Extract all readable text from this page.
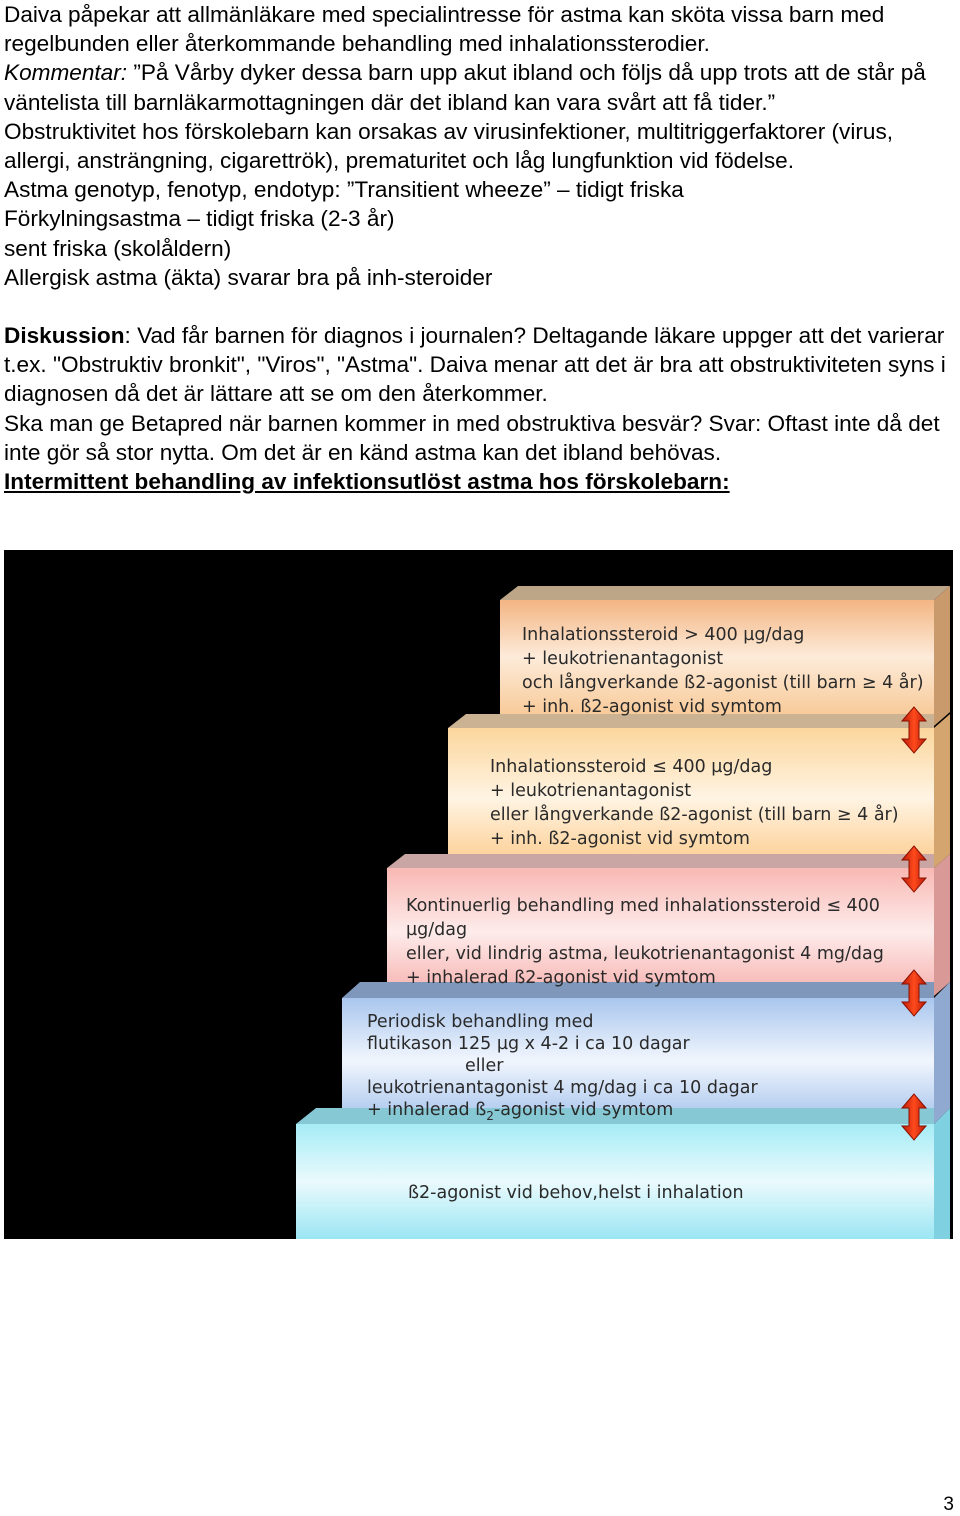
Daiva påpekar att allmänläkare med specialintresse för astma kan sköta vissa barn med regelbunden eller återkommande behandling med inhalationssterodier.

Kommentar: ”På Vårby dyker dessa barn upp akut ibland och följs då upp trots att de står på väntelista till barnläkarmottagningen där det ibland kan vara svårt att få tider.”

Obstruktivitet hos förskolebarn kan orsakas av virusinfektioner, multitriggerfaktorer (virus, allergi, ansträngning, cigarettrök), prematuritet och låg lungfunktion vid födelse.

Astma genotyp, fenotyp, endotyp: ”Transitient wheeze” – tidigt friska

Förkylningsastma – tidigt friska (2-3 år)

sent friska (skolåldern)

Allergisk astma (äkta) svarar bra på inh-steroider

Diskussion: Vad får barnen för diagnos i journalen? Deltagande läkare uppger att det varierar t.ex. "Obstruktiv bronkit", "Viros", "Astma". Daiva menar att det är bra att obstruktiviteten syns i diagnosen då det är lättare att se om den återkommer.

Ska man ge Betapred när barnen kommer in med obstruktiva besvär? Svar: Oftast inte då det inte gör så stor nytta. Om det är en känd astma kan det ibland behövas.

Intermittent behandling av infektionsutlöst astma hos förskolebarn:

Inhalationssteroid > 400 µg/dag
+ leukotrienantagonist
och långverkande ß2-agonist (till barn ≥ 4 år)
+ inh. ß2-agonist vid symtom
Inhalationssteroid ≤ 400 µg/dag
+ leukotrienantagonist
eller långverkande ß2-agonist (till barn ≥ 4 år)
+ inh. ß2-agonist vid symtom
Kontinuerlig behandling med inhalationssteroid ≤ 400
µg/dag
eller, vid lindrig astma, leukotrienantagonist 4 mg/dag
+ inhalerad ß2-agonist vid symtom
Periodisk behandling med
flutikason 125 µg x 4-2 i ca 10 dagar
eller
leukotrienantagonist 4 mg/dag i ca 10 dagar
+ inhalerad $ß_2$-agonist vid symtom
ß2-agonist vid behov,helst i inhalation
3
